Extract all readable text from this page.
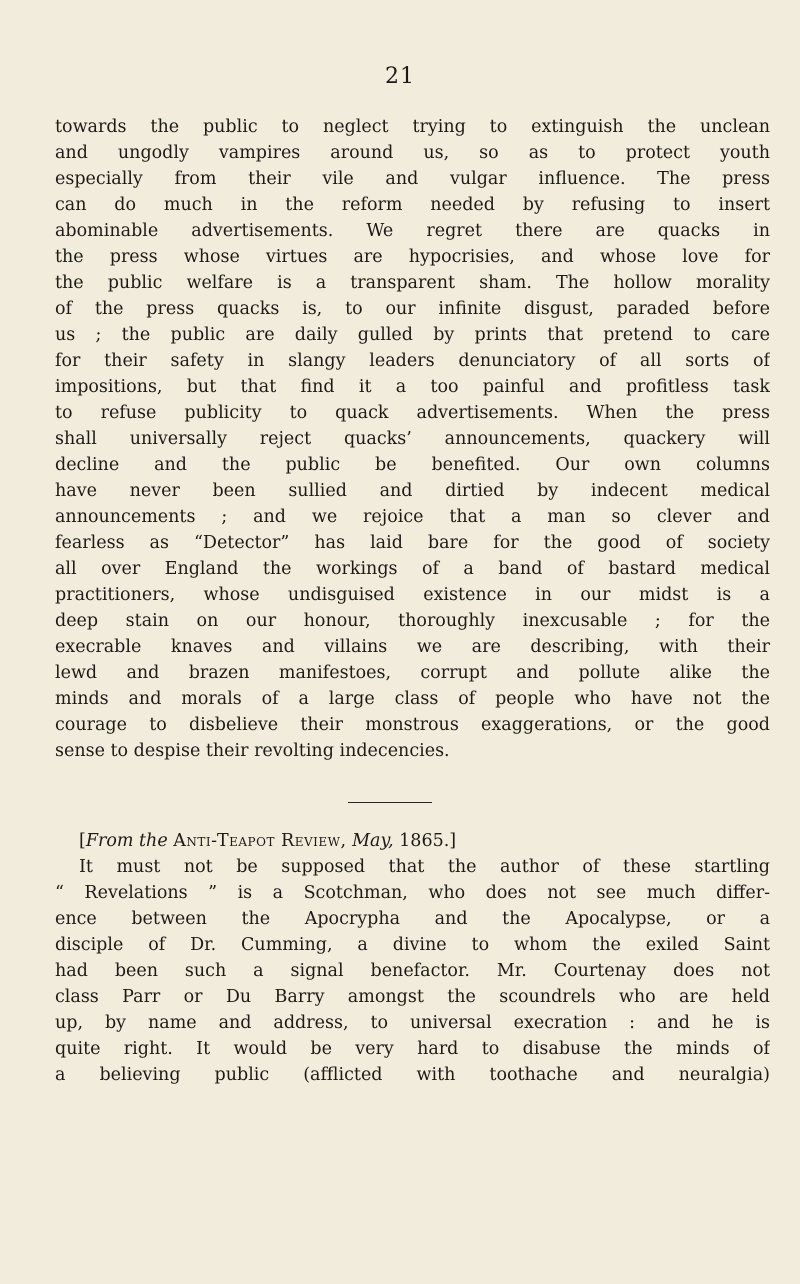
21
towards the public to neglect trying to extinguish the unclean
and ungodly vampires around us, so as to protect youth
especially from their vile and vulgar influence. The press
can do much in the reform needed by refusing to insert
abominable advertisements. We regret there are quacks in
the press whose virtues are hypocrisies, and whose love for
the public welfare is a transparent sham. The hollow morality
of the press quacks is, to our infinite disgust, paraded before
us ; the public are daily gulled by prints that pretend to care
for their safety in slangy leaders denunciatory of all sorts of
impositions, but that find it a too painful and profitless task
to refuse publicity to quack advertisements. When the press
shall universally reject quacks’ announcements, quackery will
decline and the public be benefited. Our own columns
have never been sullied and dirtied by indecent medical
announcements ; and we rejoice that a man so clever and
fearless as “Detector” has laid bare for the good of society
all over England the workings of a band of bastard medical
practitioners, whose undisguised existence in our midst is a
deep stain on our honour, thoroughly inexcusable ; for the
execrable knaves and villains we are describing, with their
lewd and brazen manifestoes, corrupt and pollute alike the
minds and morals of a large class of people who have not the
courage to disbelieve their monstrous exaggerations, or the good
sense to despise their revolting indecencies.
[From the Anti-Teapot Review, May, 1865.]
It must not be supposed that the author of these startling
“ Revelations ” is a Scotchman, who does not see much differ-
ence between the Apocrypha and the Apocalypse, or a
disciple of Dr. Cumming, a divine to whom the exiled Saint
had been such a signal benefactor. Mr. Courtenay does not
class Parr or Du Barry amongst the scoundrels who are held
up, by name and address, to universal execration : and he is
quite right. It would be very hard to disabuse the minds of
a believing public (afflicted with toothache and neuralgia)
